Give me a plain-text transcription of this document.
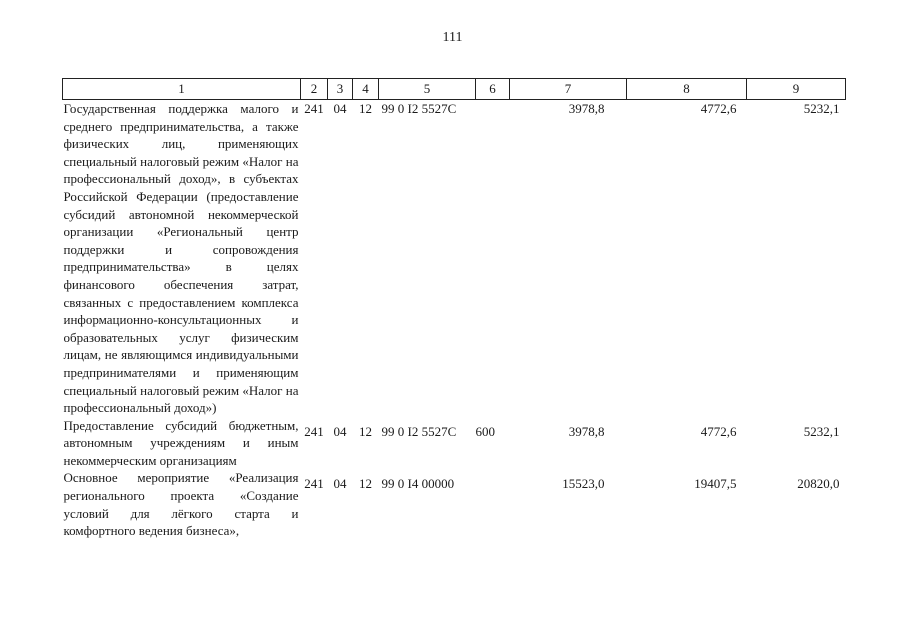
111
1	2	3	4	5	6	7	8	9
Государственная поддержка малого и среднего предпринимательства, а также физических лиц, применяющих специальный налоговый режим «Налог на профессиональный доход», в субъектах Российской Федерации (предоставление субсидий автономной некоммерческой организации «Региональный центр поддержки и сопровождения предпринимательства» в целях финансового обеспечения затрат, связанных с предоставлением комплекса информационно-консультационных и образовательных услуг физическим лицам, не являющимся индивидуальными предпринимателями и применяющим специальный налоговый режим «Налог на профессиональный доход»)	241	04	12	99 0 I2 5527C		3978,8	4772,6	5232,1
Предоставление субсидий бюджетным, автономным учреждениям и иным некоммерческим организациям	241	04	12	99 0 I2 5527C	600	3978,8	4772,6	5232,1
Основное мероприятие «Реализация регионального проекта «Создание условий для лёгкого старта и комфортного ведения бизнеса»,	241	04	12	99 0 I4 00000		15523,0	19407,5	20820,0
